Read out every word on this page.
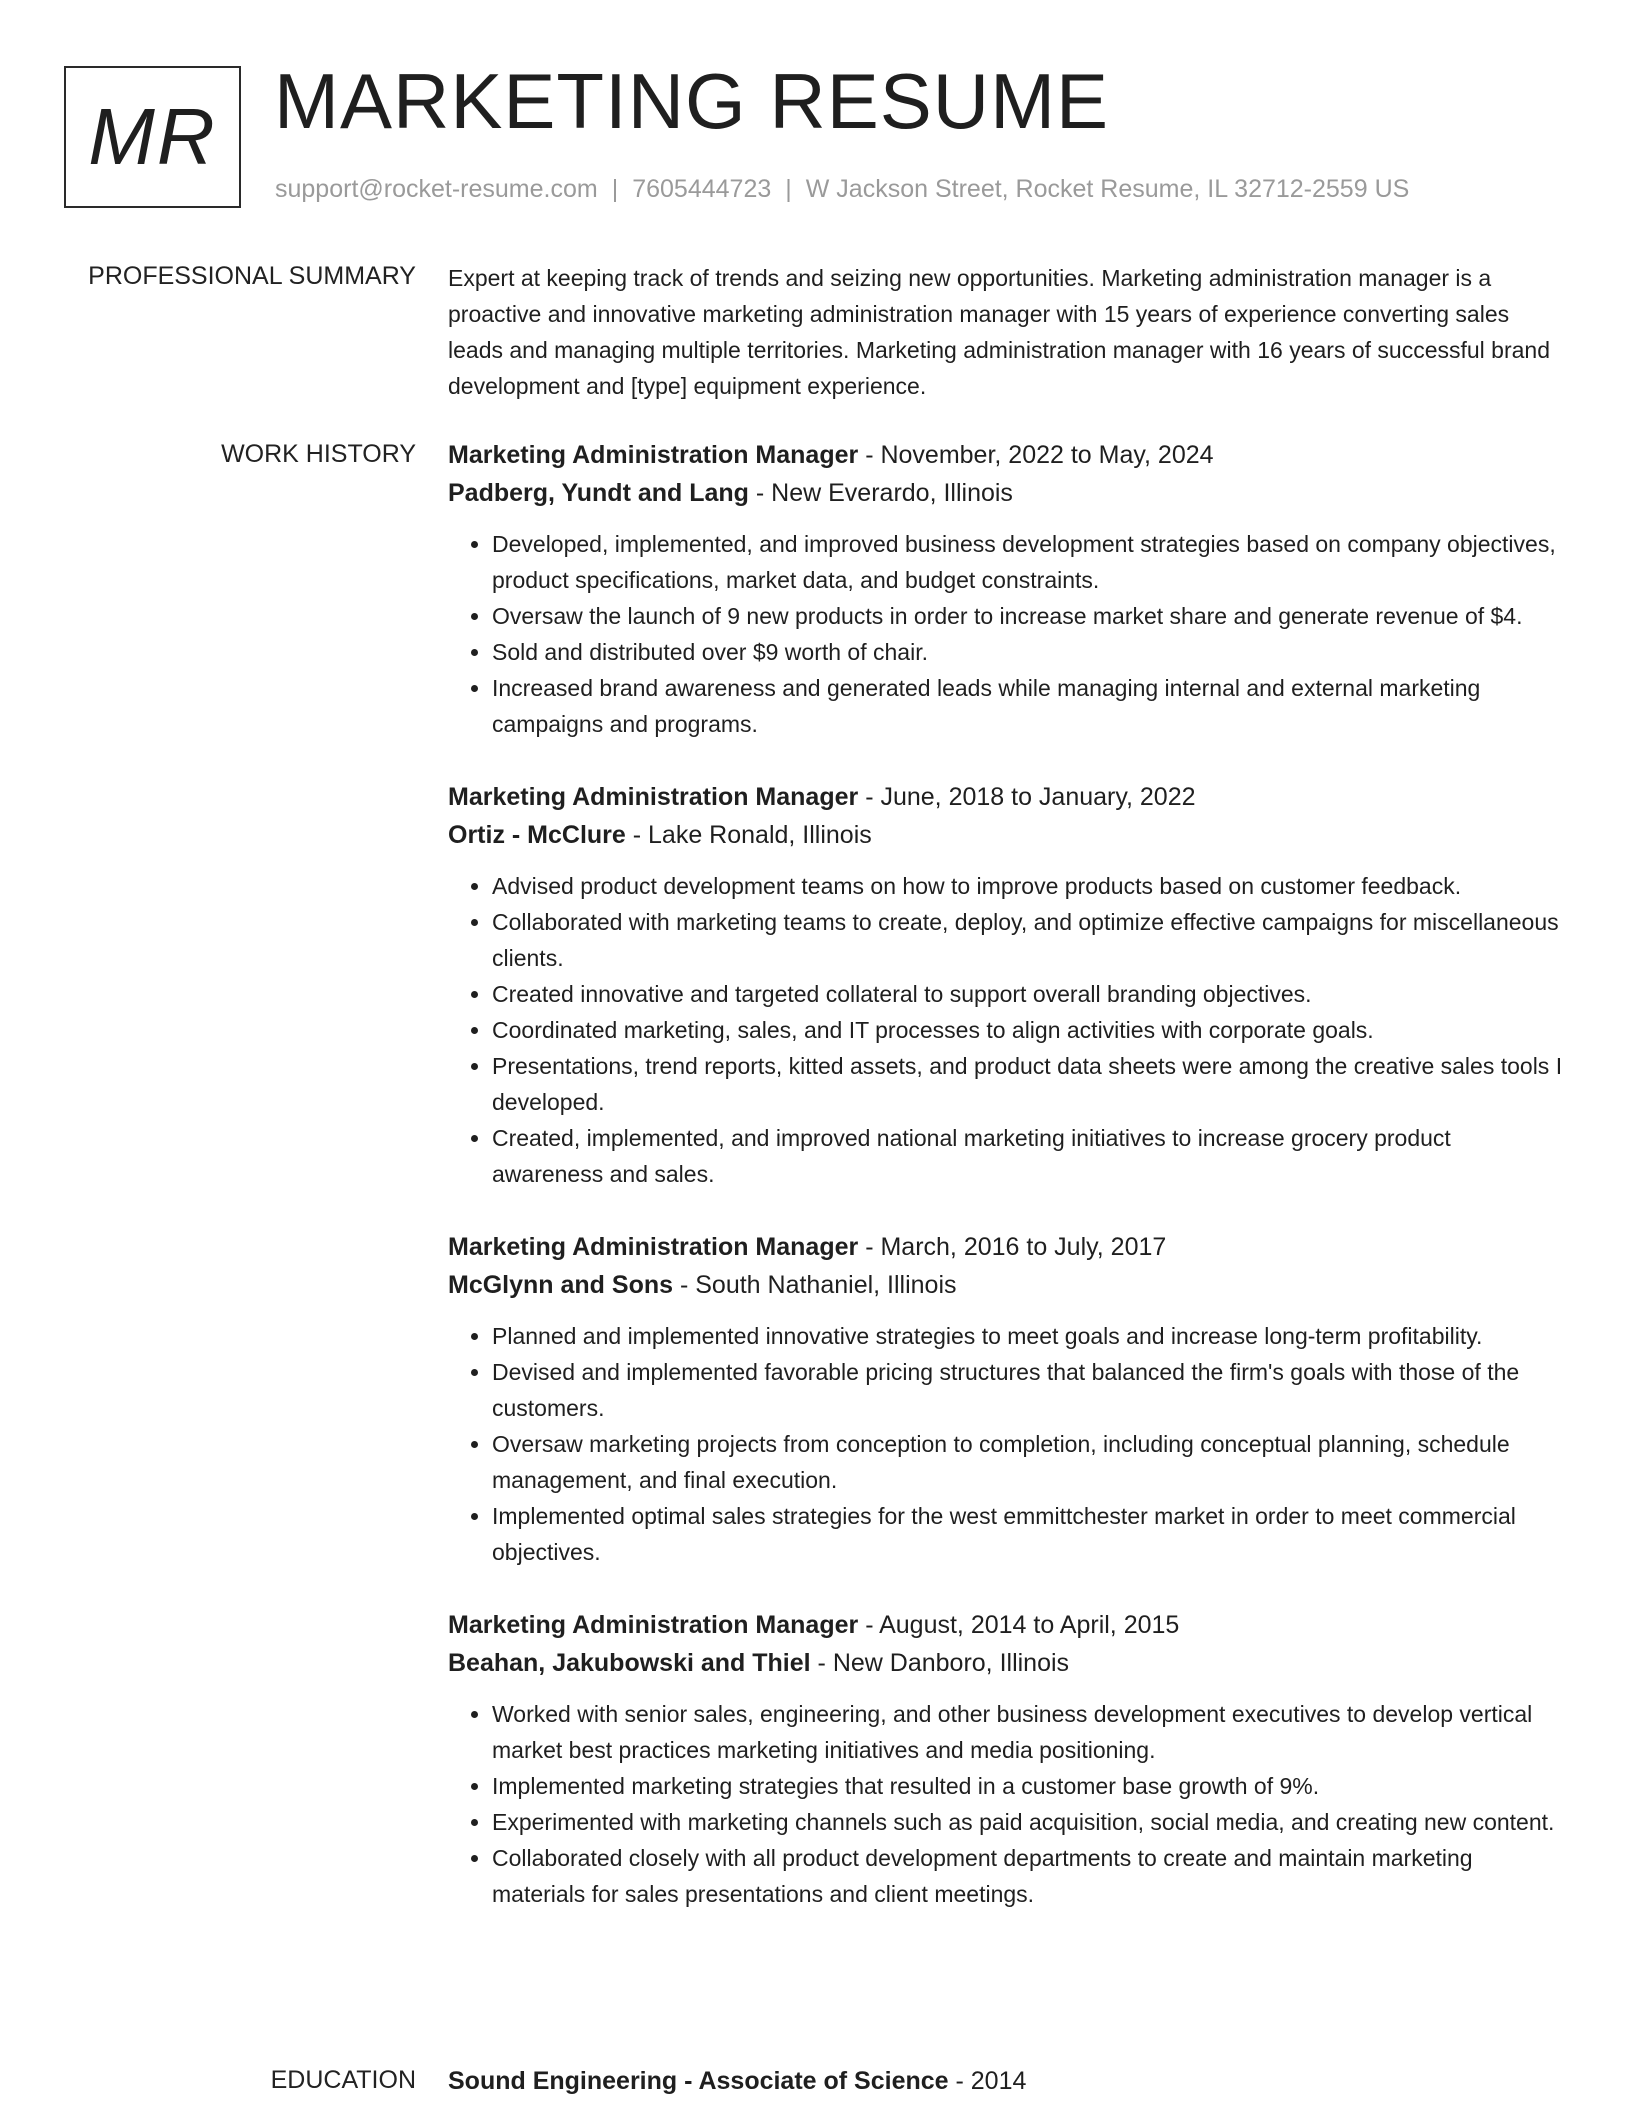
MR MARKETING RESUME
support@rocket-resume.com | 7605444723 | W Jackson Street, Rocket Resume, IL 32712-2559 US
PROFESSIONAL SUMMARY Expert at keeping track of trends and seizing new opportunities. Marketing administration manager is a proactive and innovative marketing administration manager with 15 years of experience converting sales leads and managing multiple territories. Marketing administration manager with 16 years of successful brand development and [type] equipment experience.
WORK HISTORY Marketing Administration Manager - November, 2022 to May, 2024
Padberg, Yundt and Lang - New Everardo, Illinois
• Developed, implemented, and improved business development strategies based on company objectives, product specifications, market data, and budget constraints.
• Oversaw the launch of 9 new products in order to increase market share and generate revenue of $4.
• Sold and distributed over $9 worth of chair.
• Increased brand awareness and generated leads while managing internal and external marketing campaigns and programs.
Marketing Administration Manager - June, 2018 to January, 2022
Ortiz - McClure - Lake Ronald, Illinois
• Advised product development teams on how to improve products based on customer feedback.
• Collaborated with marketing teams to create, deploy, and optimize effective campaigns for miscellaneous clients.
• Created innovative and targeted collateral to support overall branding objectives.
• Coordinated marketing, sales, and IT processes to align activities with corporate goals.
• Presentations, trend reports, kitted assets, and product data sheets were among the creative sales tools I developed.
• Created, implemented, and improved national marketing initiatives to increase grocery product awareness and sales.
Marketing Administration Manager - March, 2016 to July, 2017
McGlynn and Sons - South Nathaniel, Illinois
• Planned and implemented innovative strategies to meet goals and increase long-term profitability.
• Devised and implemented favorable pricing structures that balanced the firm's goals with those of the customers.
• Oversaw marketing projects from conception to completion, including conceptual planning, schedule management, and final execution.
• Implemented optimal sales strategies for the west emmittchester market in order to meet commercial objectives.
Marketing Administration Manager - August, 2014 to April, 2015
Beahan, Jakubowski and Thiel - New Danboro, Illinois
• Worked with senior sales, engineering, and other business development executives to develop vertical market best practices marketing initiatives and media positioning.
• Implemented marketing strategies that resulted in a customer base growth of 9%.
• Experimented with marketing channels such as paid acquisition, social media, and creating new content.
• Collaborated closely with all product development departments to create and maintain marketing materials for sales presentations and client meetings.
EDUCATION Sound Engineering - Associate of Science - 2014
